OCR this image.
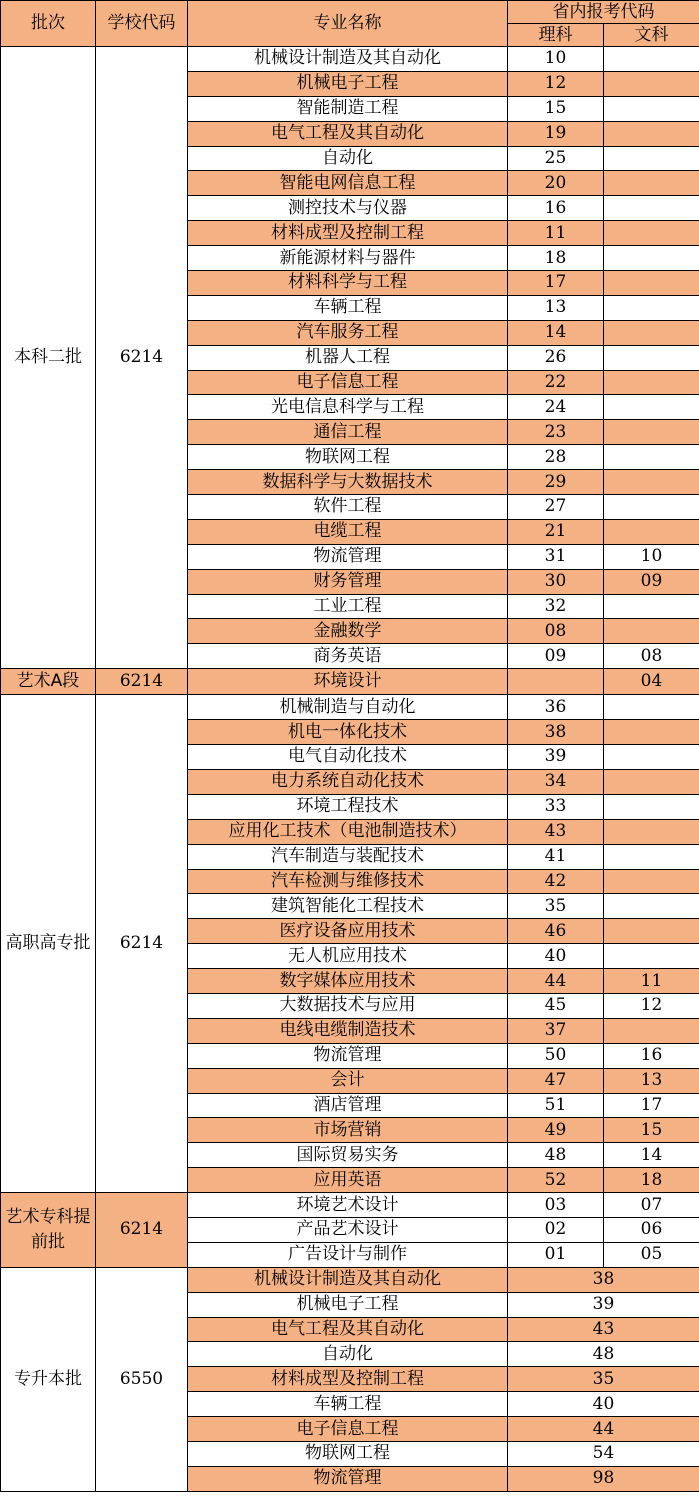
批次	学校代码	专业名称	省内报考代码	
			理科	文科
本科二批	6214	机械设计制造及其自动化	10	
		机械电子工程	12	
		智能制造工程	15	
		电气工程及其自动化	19	
		自动化	25	
		智能电网信息工程	20	
		测控技术与仪器	16	
		材料成型及控制工程	11	
		新能源材料与器件	18	
		材料科学与工程	17	
		车辆工程	13	
		汽车服务工程	14	
		机器人工程	26	
		电子信息工程	22	
		光电信息科学与工程	24	
		通信工程	23	
		物联网工程	28	
		数据科学与大数据技术	29	
		软件工程	27	
		电缆工程	21	
		物流管理	31	10
		财务管理	30	09
		工业工程	32	
		金融数学	08	
		商务英语	09	08
艺术A段	6214	环境设计		04
高职高专批	6214	机械制造与自动化	36	
		机电一体化技术	38	
		电气自动化技术	39	
		电力系统自动化技术	34	
		环境工程技术	33	
		应用化工技术（电池制造技术）	43	
		汽车制造与装配技术	41	
		汽车检测与维修技术	42	
		建筑智能化工程技术	35	
		医疗设备应用技术	46	
		无人机应用技术	40	
		数字媒体应用技术	44	11
		大数据技术与应用	45	12
		电线电缆制造技术	37	
		物流管理	50	16
		会计	47	13
		酒店管理	51	17
		市场营销	49	15
		国际贸易实务	48	14
		应用英语	52	18
艺术专科提前批	6214	环境艺术设计	03	07
		产品艺术设计	02	06
		广告设计与制作	01	05
专升本批	6550	机械设计制造及其自动化	38	
		机械电子工程	39	
		电气工程及其自动化	43	
		自动化	48	
		材料成型及控制工程	35	
		车辆工程	40	
		电子信息工程	44	
		物联网工程	54	
		物流管理	98	
